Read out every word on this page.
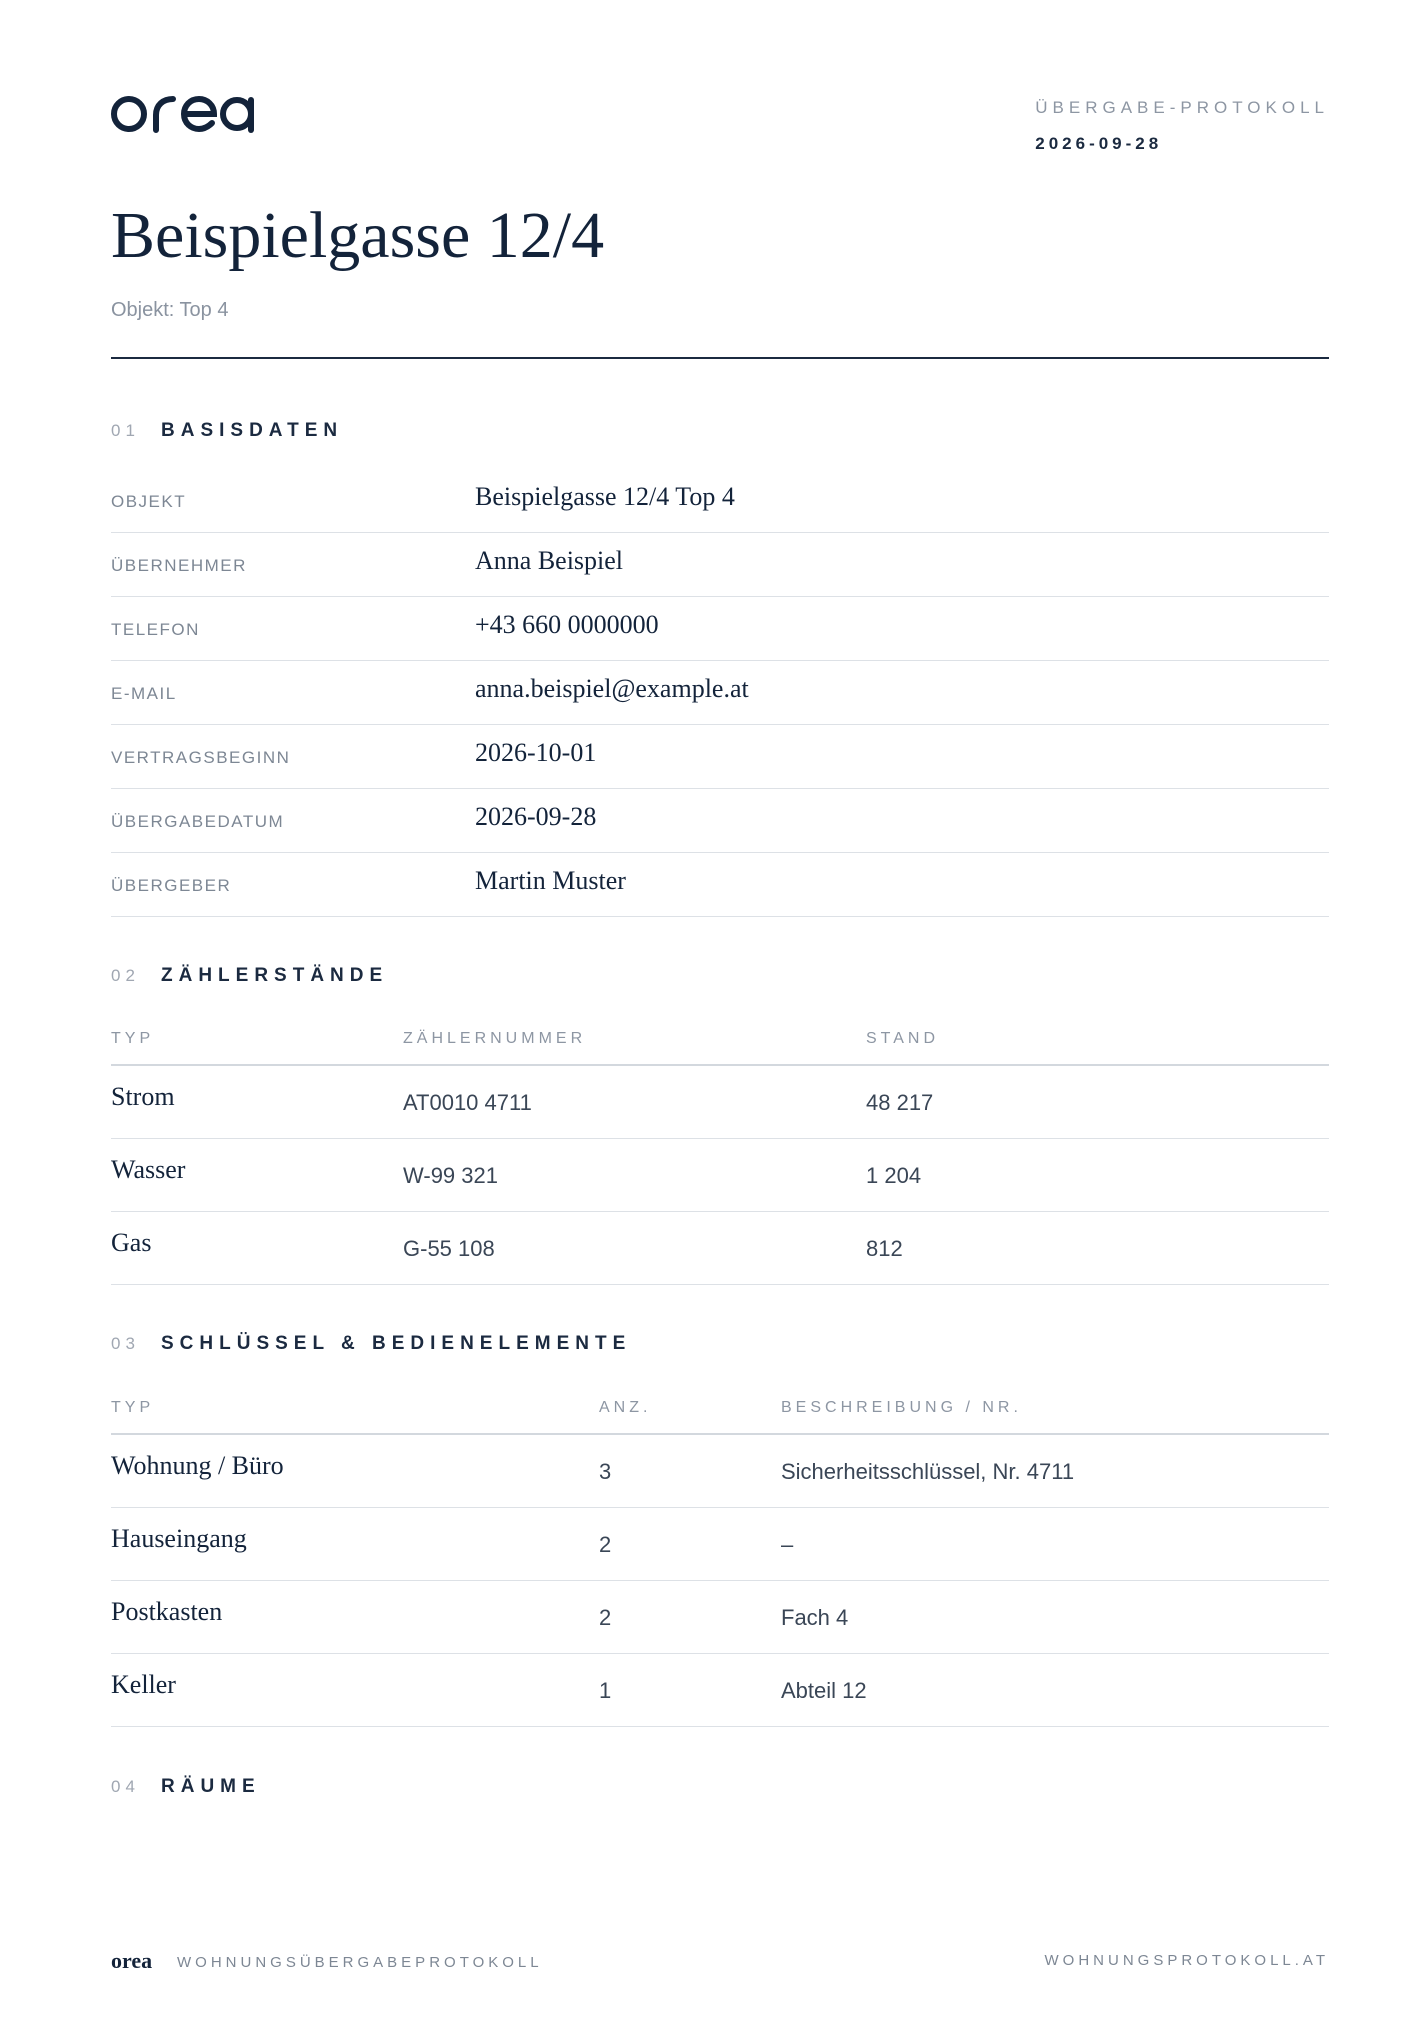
ÜBERGABE-PROTOKOLL
2026-09-28
Beispielgasse 12/4
Objekt: Top 4
01	BASISDATEN
OBJEKT	Beispielgasse 12/4 Top 4
ÜBERNEHMER	Anna Beispiel
TELEFON	+43 660 0000000
E-MAIL	anna.beispiel@example.at
VERTRAGSBEGINN	2026-10-01
ÜBERGABEDATUM	2026-09-28
ÜBERGEBER	Martin Muster
02	ZÄHLERSTÄNDE
TYP	ZÄHLERNUMMER	STAND
Strom	AT0010 4711	48 217
Wasser	W-99 321	1 204
Gas	G-55 108	812
03	SCHLÜSSEL & BEDIENELEMENTE
TYP	ANZ.	BESCHREIBUNG / NR.
Wohnung / Büro	3	Sicherheitsschlüssel, Nr. 4711
Hauseingang	2	–
Postkasten	2	Fach 4
Keller	1	Abteil 12
04	RÄUME
orea WOHNUNGSÜBERGABEPROTOKOLL	WOHNUNGSPROTOKOLL.AT
